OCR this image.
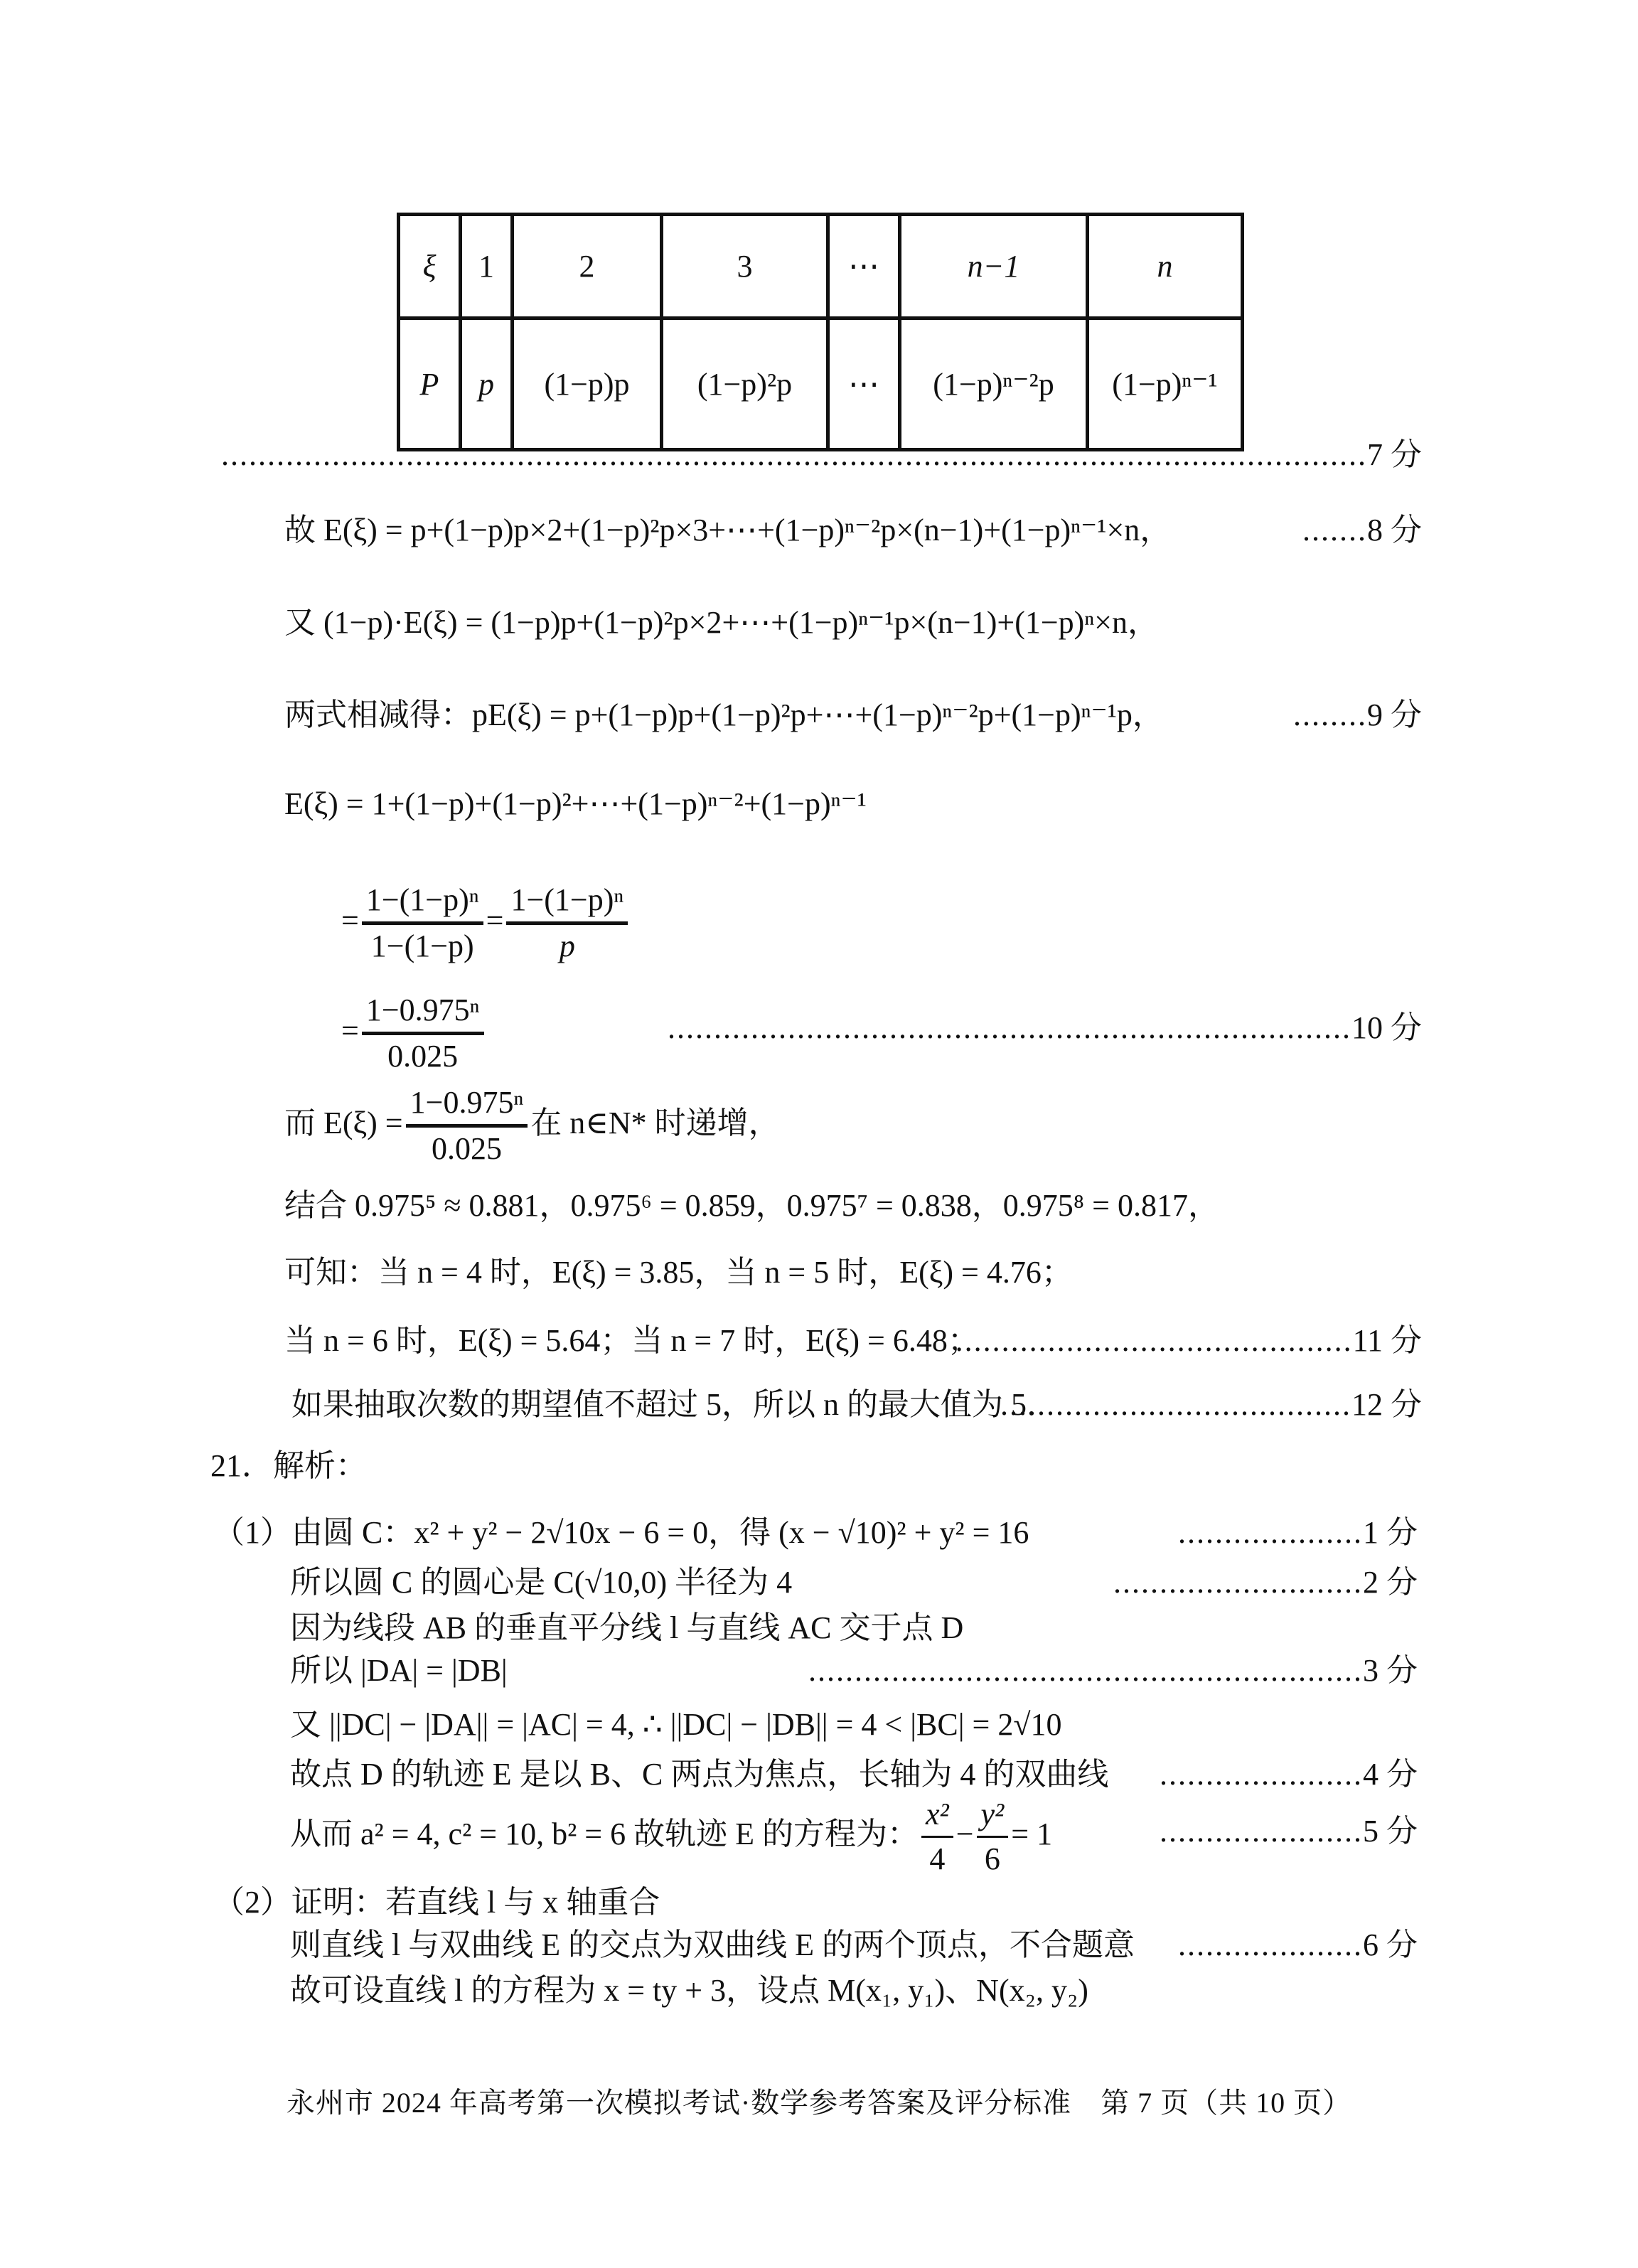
ξ	1	2	3	⋯	n−1	n
P	p	(1−p)p	(1−p)²p	⋯	(1−p)ⁿ⁻²p	(1−p)ⁿ⁻¹
............................................................................................................................7 分
故 E(ξ) = p+(1−p)p×2+(1−p)²p×3+⋯+(1−p)ⁿ⁻²p×(n−1)+(1−p)ⁿ⁻¹×n，	.......8 分
又 (1−p)·E(ξ) = (1−p)p+(1−p)²p×2+⋯+(1−p)ⁿ⁻¹p×(n−1)+(1−p)ⁿ×n，
两式相减得：pE(ξ) = p+(1−p)p+(1−p)²p+⋯+(1−p)ⁿ⁻²p+(1−p)ⁿ⁻¹p，	........9 分
E(ξ) = 1+(1−p)+(1−p)²+⋯+(1−p)ⁿ⁻²+(1−p)ⁿ⁻¹
= $\frac{\text{1−(1−p)ⁿ}}{1-(1-p)} = \frac{\text{1−(1−p)ⁿ}}{p}$
= $\frac{\text{1−0.975ⁿ}}{0.025}$	..........................................................................10 分
而 $E(\xi) = \frac{\text{1−0.975ⁿ}}{0.025}$ 在 n∈N* 时递增，
结合 0.975⁵ ≈ 0.881，0.975⁶ = 0.859，0.975⁷ = 0.838，0.975⁸ = 0.817，
可知：当 n = 4 时，E(ξ) = 3.85，当 n = 5 时，E(ξ) = 4.76；
当 n = 6 时，E(ξ) = 5.64；当 n = 7 时，E(ξ) = 6.48；
...........................................11 分
如果抽取次数的期望值不超过 5，所以 n 的最大值为 5．
......................................12 分
21．解析：
（1）由圆 C：x² + y² − 2√10x − 6 = 0，得 (x − √10)² + y² = 16	....................1 分
所以圆 C 的圆心是 C(√10,0) 半径为 4	...........................2 分
因为线段 AB 的垂直平分线 l 与直线 AC 交于点 D
所以 |DA| = |DB|	............................................................3 分
又 ||DC| − |DA|| = |AC| = 4, ∴ ||DC| − |DB|| = 4 < |BC| = 2√10
故点 D 的轨迹 E 是以 B、C 两点为焦点，长轴为 4 的双曲线 ......................4 分
从而 a² = 4, c² = 10, b² = 6 故轨迹 E 的方程为： $\frac{\text{x²}}{4} - \frac{\text{y²}}{6} = 1$	......................5 分
（2）证明：若直线 l 与 x 轴重合
则直线 l 与双曲线 E 的交点为双曲线 E 的两个顶点，不合题意 ....................6 分
故可设直线 l 的方程为 x = ty + 3，设点 M(x₁, y₁)、N(x₂, y₂)
永州市 2024 年高考第一次模拟考试·数学参考答案及评分标准　第 7 页（共 10 页）
